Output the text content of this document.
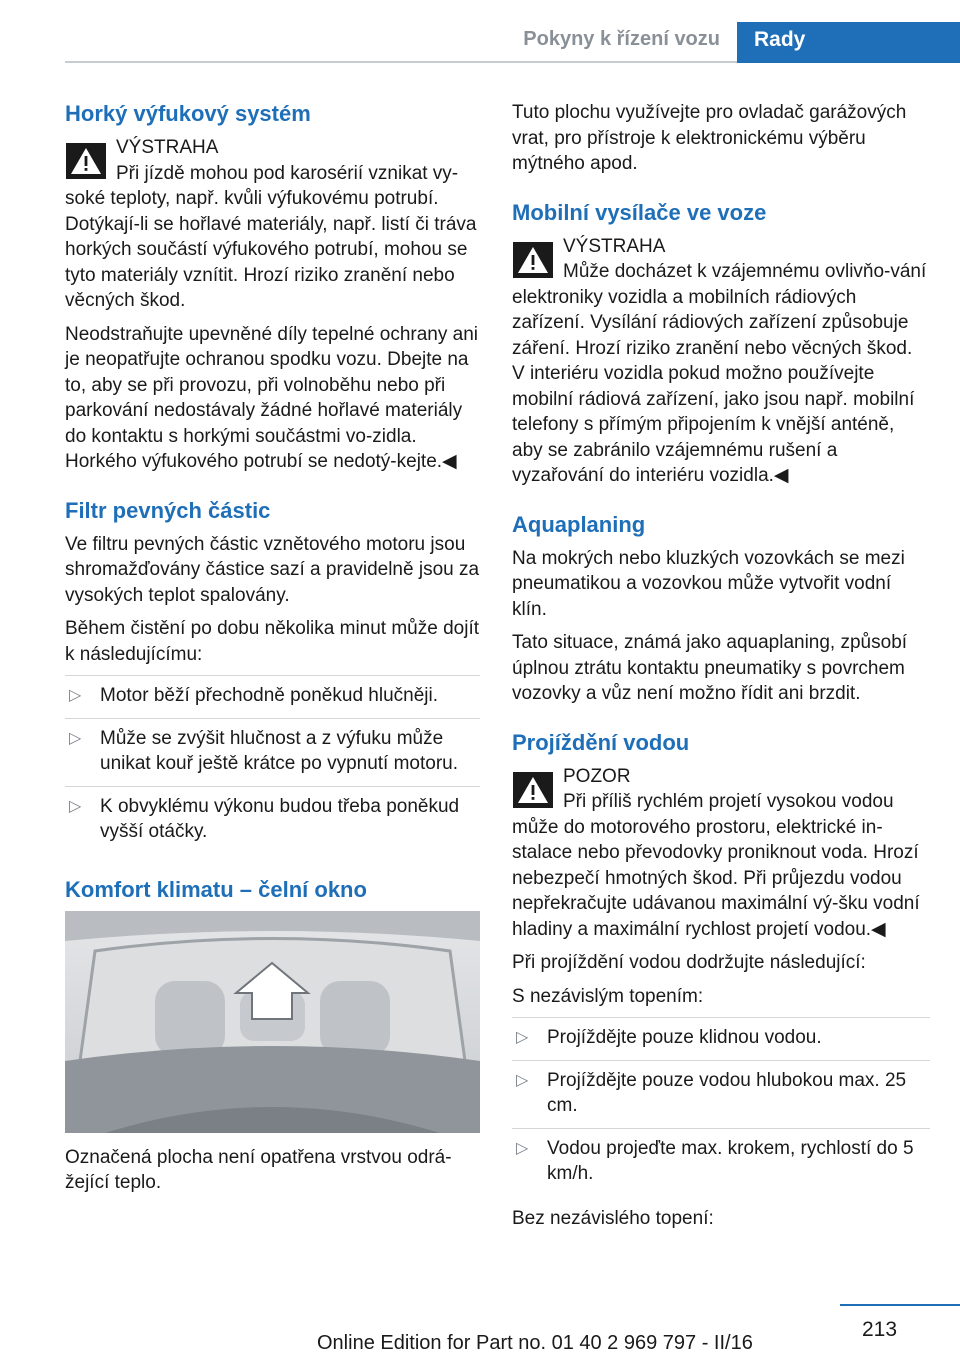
Pokyny k řízení vozu	Rady
Horký výfukový systém
VÝSTRAHA
Při jízdě mohou pod karosérií vznikat vy‐soké teploty, např. kvůli výfukovému potrubí. Dotýkají-li se hořlavé materiály, např. listí či tráva horkých součástí výfukového potrubí, mohou se tyto materiály vznítit. Hrozí riziko zranění nebo věcných škod.

Neodstraňujte upevněné díly tepelné ochrany ani je neopatřujte ochranou spodku vozu. Dbejte na to, aby se při provozu, při volnoběhu nebo při parkování nedostávaly žádné hořlavé materiály do kontaktu s horkými součástmi vo‐zidla. Horkého výfukového potrubí se nedotý‐kejte.◀

Filtr pevných částic

Ve filtru pevných částic vznětového motoru jsou shromažďovány částice sazí a pravidelně jsou za vysokých teplot spalovány.

Během čistění po dobu několika minut může dojít k následujícímu:

▷ Motor běží přechodně poněkud hlučněji.
▷ Může se zvýšit hlučnost a z výfuku může unikat kouř ještě krátce po vypnutí motoru.
▷ K obvyklému výkonu budou třeba poněkud vyšší otáčky.
Komfort klimatu – čelní okno

Označená plocha není opatřena vrstvou odrá‐žející teplo.

Tuto plochu využívejte pro ovladač garážových vrat, pro přístroje k elektronickému výběru mýtného apod.

Mobilní vysílače ve voze
VÝSTRAHA
Může docházet k vzájemnému ovlivňo‐vání elektroniky vozidla a mobilních rádiových zařízení. Vysílání rádiových zařízení způsobuje záření. Hrozí riziko zranění nebo věcných škod. V interiéru vozidla pokud možno používejte mobilní rádiová zařízení, jako jsou např. mobilní telefony s přímým připojením k vnější anténě, aby se zabránilo vzájemnému rušení a vyzařování do interiéru vozidla.◀
Aquaplaning

Na mokrých nebo kluzkých vozovkách se mezi pneumatikou a vozovkou může vytvořit vodní klín.

Tato situace, známá jako aquaplaning, způsobí úplnou ztrátu kontaktu pneumatiky s povrchem vozovky a vůz není možno řídit ani brzdit.

Projíždění vodou
POZOR
Při příliš rychlém projetí vysokou vodou může do motorového prostoru, elektrické in‐stalace nebo převodovky proniknout voda. Hrozí nebezpečí hmotných škod. Při průjezdu vodou nepřekračujte udávanou maximální vý‐šku vodní hladiny a maximální rychlost projetí vodou.◀

Při projíždění vodou dodržujte následující:

S nezávislým topením:

▷ Projíždějte pouze klidnou vodou.
▷ Projíždějte pouze vodou hlubokou max. 25 cm.
▷ Vodou projeďte max. krokem, rychlostí do 5 km/h.

Bez nezávislého topení:

213
Online Edition for Part no. 01 40 2 969 797 - II/16
